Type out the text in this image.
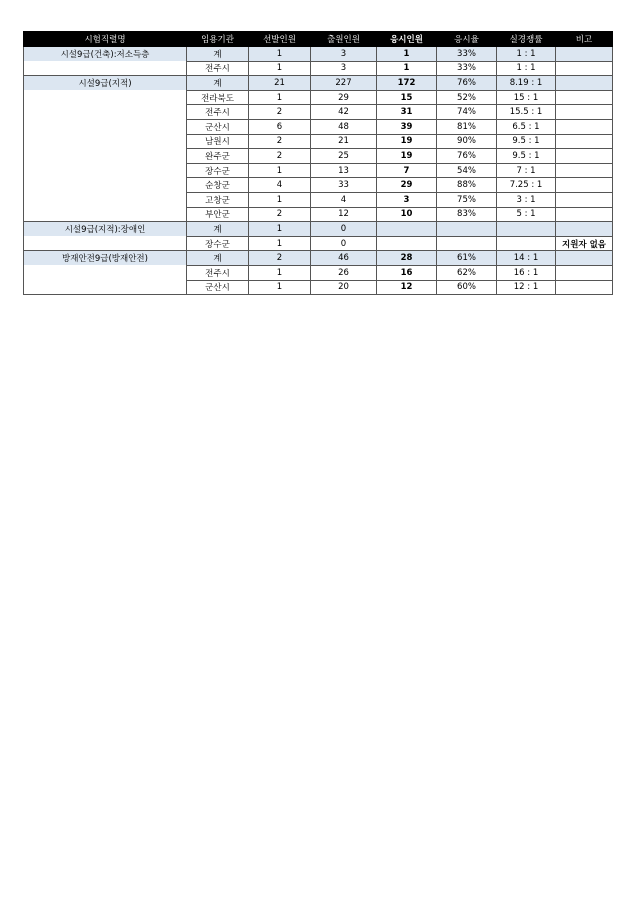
시험직렬명	임용기관	선발인원	출원인원	응시인원	응시율	실경쟁률	비고
시설9급(건축):저소득층	계	1	3	1	33%	1 : 1	
	전주시	1	3	1	33%	1 : 1	
시설9급(지적)	계	21	227	172	76%	8.19 : 1	
	전라북도	1	29	15	52%	15 : 1	
	전주시	2	42	31	74%	15.5 : 1	
	군산시	6	48	39	81%	6.5 : 1	
	남원시	2	21	19	90%	9.5 : 1	
	완주군	2	25	19	76%	9.5 : 1	
	장수군	1	13	7	54%	7 : 1	
	순창군	4	33	29	88%	7.25 : 1	
	고창군	1	4	3	75%	3 : 1	
	부안군	2	12	10	83%	5 : 1	
시설9급(지적):장애인	계	1	0				
	장수군	1	0				지원자 없음
방재안전9급(방재안전)	계	2	46	28	61%	14 : 1	
	전주시	1	26	16	62%	16 : 1	
	군산시	1	20	12	60%	12 : 1	
